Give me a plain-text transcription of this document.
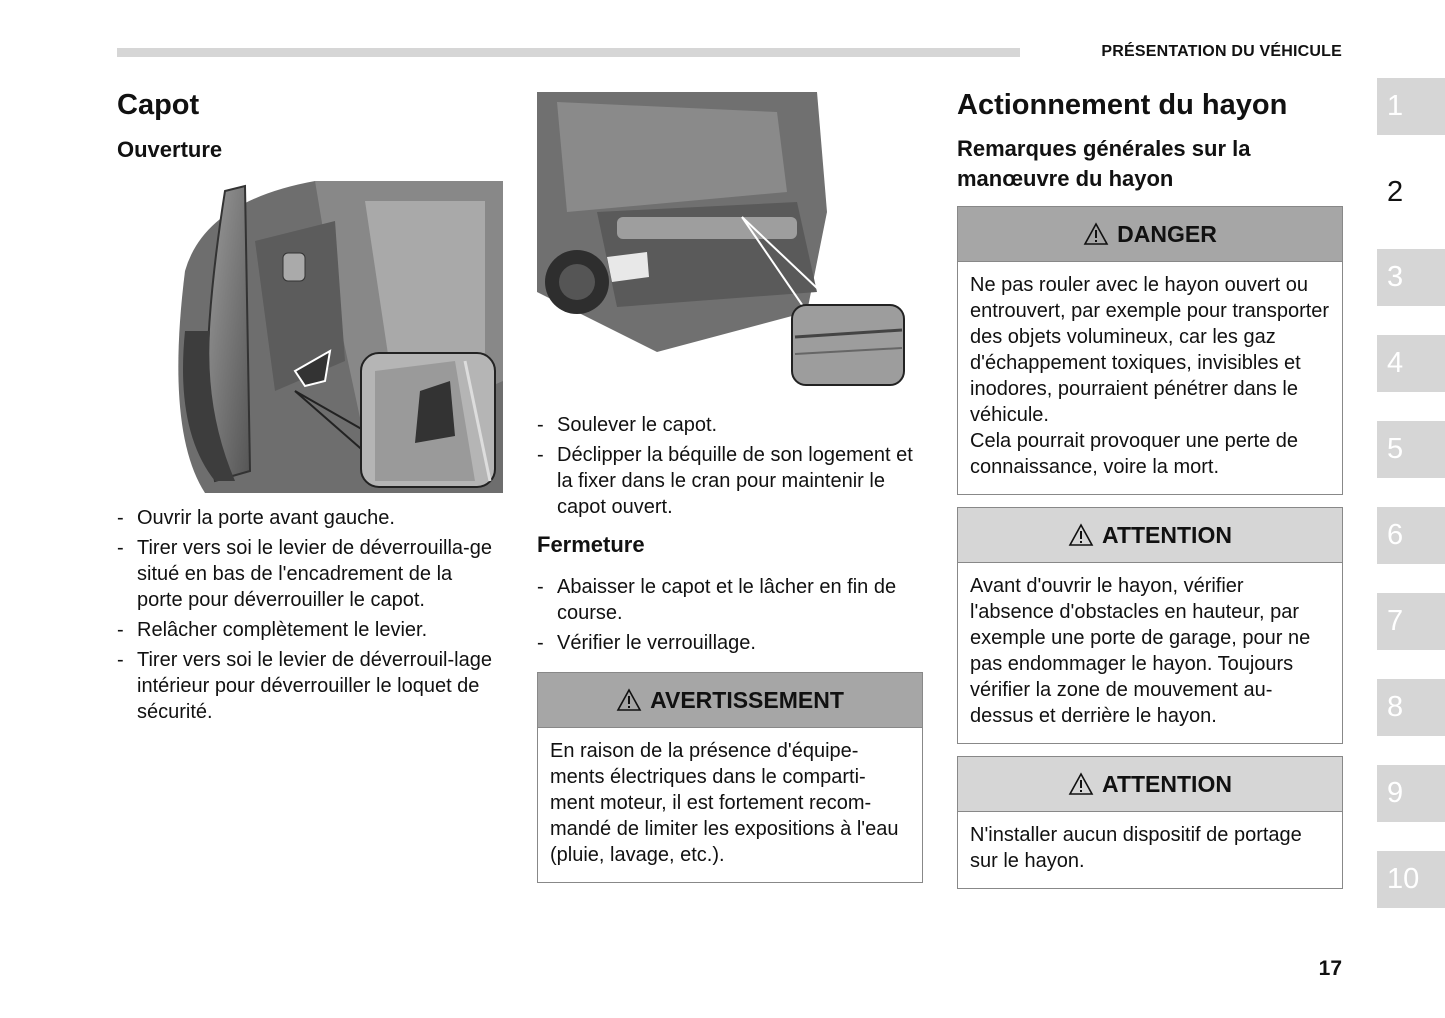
PRÉSENTATION DU VÉHICULE
Capot
Ouverture
- Ouvrir la porte avant gauche.
- Tirer vers soi le levier de déverrouilla-ge situé en bas de l'encadrement de la porte pour déverrouiller le capot.
- Relâcher complètement le levier.
- Tirer vers soi le levier de déverrouil-lage intérieur pour déverrouiller le loquet de sécurité.
- Soulever le capot.
- Déclipper la béquille de son logement et la fixer dans le cran pour maintenir le capot ouvert.
Fermeture
- Abaisser le capot et le lâcher en fin de course.
- Vérifier le verrouillage.
AVERTISSEMENT

En raison de la présence d'équipe-ments électriques dans le comparti-ment moteur, il est fortement recom-mandé de limiter les expositions à l'eau (pluie, lavage, etc.).

Actionnement du hayon
Remarques générales sur la manœuvre du hayon
DANGER

Ne pas rouler avec le hayon ouvert ou entrouvert, par exemple pour transporter des objets volumineux, car les gaz d'échappement toxiques, invisibles et inodores, pourraient pénétrer dans le véhicule.

Cela pourrait provoquer une perte de connaissance, voire la mort.

ATTENTION

Avant d'ouvrir le hayon, vérifier l'absence d'obstacles en hauteur, par exemple une porte de garage, pour ne pas endommager le hayon. Toujours vérifier la zone de mouvement au-dessus et derrière le hayon.

ATTENTION

N'installer aucun dispositif de portage sur le hayon.

1
2
3
4
5
6
7
8
9
10
17
